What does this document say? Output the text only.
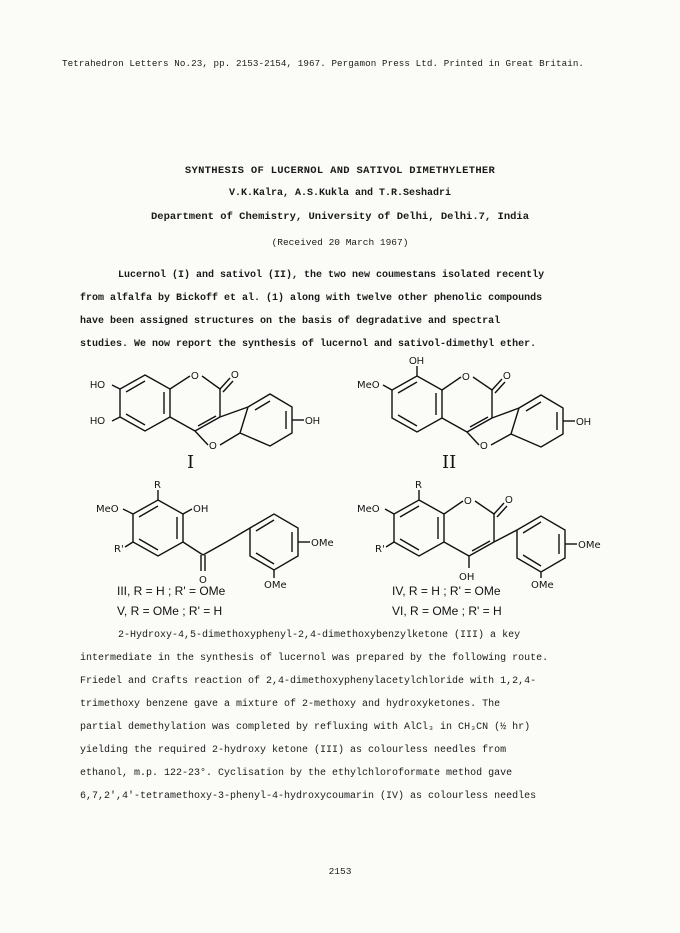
Tetrahedron Letters No.23, pp. 2153-2154, 1967. Pergamon Press Ltd. Printed in Great Britain.
SYNTHESIS OF LUCERNOL AND SATIVOL DIMETHYLETHER
V.K.Kalra, A.S.Kukla and T.R.Seshadri
Department of Chemistry, University of Delhi, Delhi.7, India
(Received 20 March 1967)
Lucernol (I) and sativol (II), the two new coumestans isolated recently
from alfalfa by Bickoff et al. (1) along with twelve other phenolic compounds
have been assigned structures on the basis of degradative and spectral
studies. We now report the synthesis of lucernol and sativol-dimethyl ether.
HO
HO
O	O
O
OH
I
OH
MeO
O	O
O
OH
II
R
MeO	OH
R'
O
OMe
OMe
R
MeO
O	O
R'
OH
OMe
OMe
III, R = H ; R' = OMe
V, R = OMe ; R' = H
IV, R = H ; R' = OMe
VI, R = OMe ; R' = H
2-Hydroxy-4,5-dimethoxyphenyl-2,4-dimethoxybenzylketone (III) a key
intermediate in the synthesis of lucernol was prepared by the following route.
Friedel and Crafts reaction of 2,4-dimethoxyphenylacetylchloride with 1,2,4-
trimethoxy benzene gave a mixture of 2-methoxy and hydroxyketones. The
partial demethylation was completed by refluxing with AlCl₃ in CH₃CN (½ hr)
yielding the required 2-hydroxy ketone (III) as colourless needles from
ethanol, m.p. 122-23°. Cyclisation by the ethylchloroformate method gave
6,7,2',4'-tetramethoxy-3-phenyl-4-hydroxycoumarin (IV) as colourless needles
2153
